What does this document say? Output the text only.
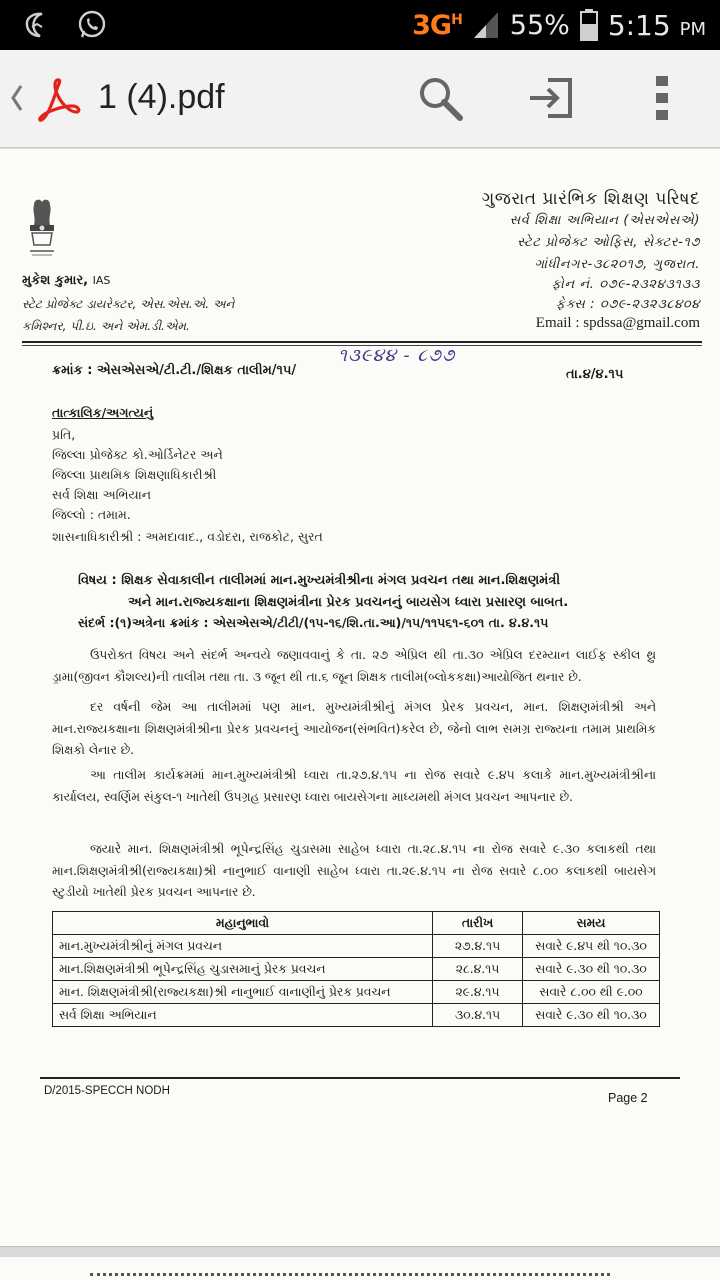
$3G^H$ 55% 5:15 PM
1 (4).pdf
ગુજરાત પ્રારંભિક શિક્ષણ પરિષદ
સર્વ શિક્ષા અભિયાન (એસએસએ)
સ્ટેટ પ્રોજેક્ટ ઓફિસ, સેક્ટર-૧૭
ગાંધીનગર-૩૮૨૦૧૭, ગુજરાત.
ફોન નં. ૦૭૯-૨૩૨૪૩૧૩૩
ફેક્સ : ૦૭૯-૨૩૨૩૮૪૦૪
Email : spdssa@gmail.com
મુકેશ કુમાર, IAS
સ્ટેટ પ્રોજેક્ટ ડાયરેક્ટર, એસ.એસ.એ. અને
કમિશ્નર, પી.ઇ. અને એમ.ડી.એમ.
ક્રમાંક : એસએસએ/ટી.ટી./શિક્ષક તાલીમ/૧૫/
૧૩૯૪૪ - ૮૭૭
તા.૪/૪.૧૫
તાત્કાલિક/અગત્યનું
પ્રતિ,
જિલ્લા પ્રોજેક્ટ કો.ઓર્ડિનેટર અને
જિલ્લા પ્રાથમિક શિક્ષણાધિકારીશ્રી
સર્વ શિક્ષા અભિયાન
જિલ્લો : તમામ.
શાસનાધિકારીશ્રી : અમદાવાદ., વડોદરા, રાજકોટ, સુરત
વિષય : શિક્ષક સેવાકાલીન તાલીમમાં માન.મુખ્યમંત્રીશ્રીના મંગલ પ્રવચન તથા માન.શિક્ષણમંત્રી
અને માન.રાજ્યકક્ષાના શિક્ષણમંત્રીના પ્રેરક પ્રવચનનું બાયસેગ ધ્વારા પ્રસારણ બાબત.
સંદર્ભ :(૧)અત્રેના ક્રમાંક : એસએસએ/ટીટી/(૧૫-૧૬/શિ.તા.આ)/૧૫/૧૧૫૬૧-૬૦૧ તા. ૪.૪.૧૫
ઉપરોક્ત વિષય અને સંદર્ભ અન્વયે જણાવવાનું કે તા. ૨૭ એપ્રિલ થી તા.૩૦ એપ્રિલ દરમ્યાન લાઈફ સ્કીલ થ્રુ ડ્રામા(જીવન કૌશલ્ય)ની તાલીમ તથા તા. ૩ જૂન થી તા.૬ જૂન શિક્ષક તાલીમ(બ્લોકકક્ષા)આયોજિત થનાર છે.
દર વર્ષની જેમ આ તાલીમમાં પણ માન. મુખ્યમંત્રીશ્રીનું મંગલ પ્રેરક પ્રવચન, માન. શિક્ષણમંત્રીશ્રી અને માન.રાજ્યકક્ષાના શિક્ષણમંત્રીશ્રીના પ્રેરક પ્રવચનનું આયોજન(સંભવિત)કરેલ છે, જેનો લાભ સમગ્ર રાજ્યના તમામ પ્રાથમિક શિક્ષકો લેનાર છે.
આ તાલીમ કાર્યક્રમમાં માન.મુખ્યમંત્રીશ્રી ધ્વારા તા.૨૭.૪.૧૫ ના રોજ સવારે ૯.૪૫ કલાકે માન.મુખ્યમંત્રીશ્રીના કાર્યાલય, સ્વર્ણિમ સંકુલ-૧ ખાતેથી ઉપગ્રહ પ્રસારણ ધ્વારા બાયસેગના માધ્યમથી મંગલ પ્રવચન આપનાર છે.
જયારે માન. શિક્ષણમંત્રીશ્રી ભૂપેન્દ્રસિંહ ચુડાસમા સાહેબ ધ્વારા તા.૨૮.૪.૧૫ ના રોજ સવારે ૯.૩૦ કલાકથી તથા માન.શિક્ષણમંત્રીશ્રી(રાજ્યકક્ષા)શ્રી નાનુભાઈ વાનાણી સાહેબ ધ્વારા તા.૨૯.૪.૧૫ ના રોજ સવારે ૮.૦૦ કલાકથી બાયસેગ સ્ટુડીયો ખાતેથી પ્રેરક પ્રવચન આપનાર છે.
મહાનુભાવો	તારીખ	સમય
માન.મુખ્યમંત્રીશ્રીનું મંગલ પ્રવચન	૨૭.૪.૧૫	સવારે ૯.૪૫ થી ૧૦.૩૦
માન.શિક્ષણમંત્રીશ્રી ભૂપેન્દ્રસિંહ ચુડાસમાનું પ્રેરક પ્રવચન	૨૮.૪.૧૫	સવારે ૯.૩૦ થી ૧૦.૩૦
માન. શિક્ષણમંત્રીશ્રી(રાજ્યકક્ષા)શ્રી નાનુભાઈ વાનાણીનું પ્રેરક પ્રવચન	૨૯.૪.૧૫	સવારે ૮.૦૦ થી ૯.૦૦
સર્વ શિક્ષા અભિયાન	૩૦.૪.૧૫	સવારે ૯.૩૦ થી ૧૦.૩૦
D/2015-SPECCH NODH	Page 2
